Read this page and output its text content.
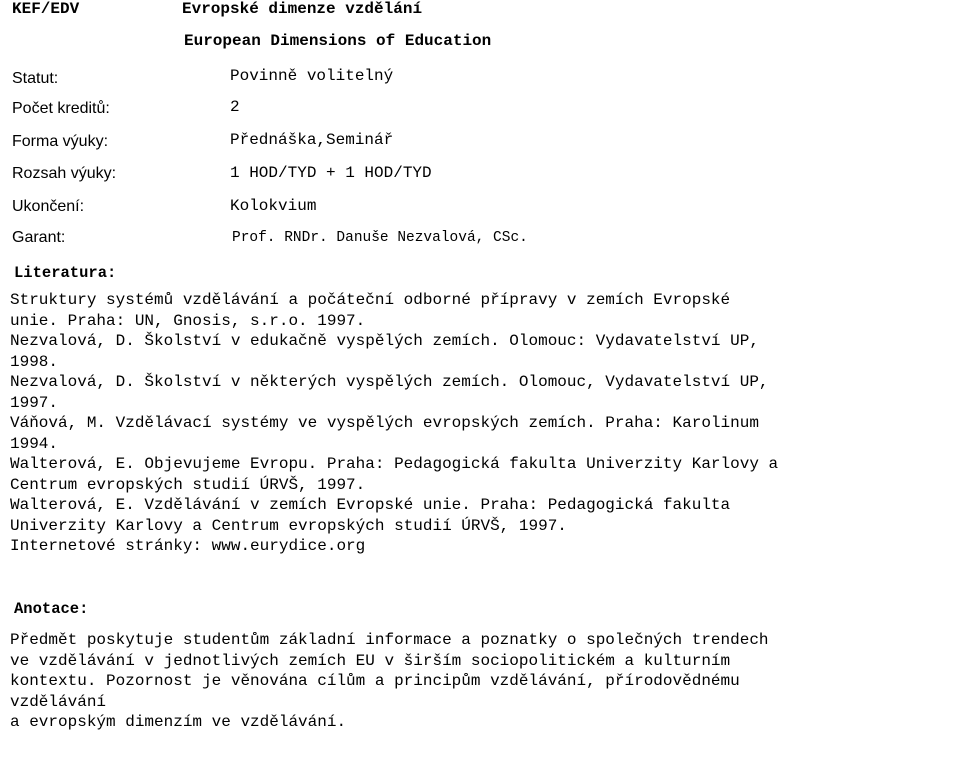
KEF/EDV	Evropské dimenze vzdělání
European Dimensions of Education
Statut:	Povinně volitelný
Počet kreditů:	2
Forma výuky:	Přednáška,Seminář
Rozsah výuky:	1 HOD/TYD + 1 HOD/TYD
Ukončení:	Kolokvium
Garant:	Prof. RNDr. Danuše Nezvalová, CSc.
Literatura:
Struktury systémů vzdělávání a počáteční odborné přípravy v zemích Evropské
unie. Praha: UN, Gnosis, s.r.o. 1997.
Nezvalová, D. Školství v edukačně vyspělých zemích. Olomouc: Vydavatelství UP,
1998.
Nezvalová, D. Školství v některých vyspělých zemích. Olomouc, Vydavatelství UP,
1997.
Váňová, M. Vzdělávací systémy ve vyspělých evropských zemích. Praha: Karolinum
1994.
Walterová, E. Objevujeme Evropu. Praha: Pedagogická fakulta Univerzity Karlovy a
Centrum evropských studií ÚRVŠ, 1997.
Walterová, E. Vzdělávání v zemích Evropské unie. Praha: Pedagogická fakulta
Univerzity Karlovy a Centrum evropských studií ÚRVŠ, 1997.
Internetové stránky: www.eurydice.org
Anotace:
Předmět poskytuje studentům základní informace a poznatky o společných trendech
ve vzdělávání v jednotlivých zemích EU v širším sociopolitickém a kulturním
kontextu. Pozornost je věnována cílům a principům vzdělávání, přírodovědnému
vzdělávání
a evropským dimenzím ve vzdělávání.
